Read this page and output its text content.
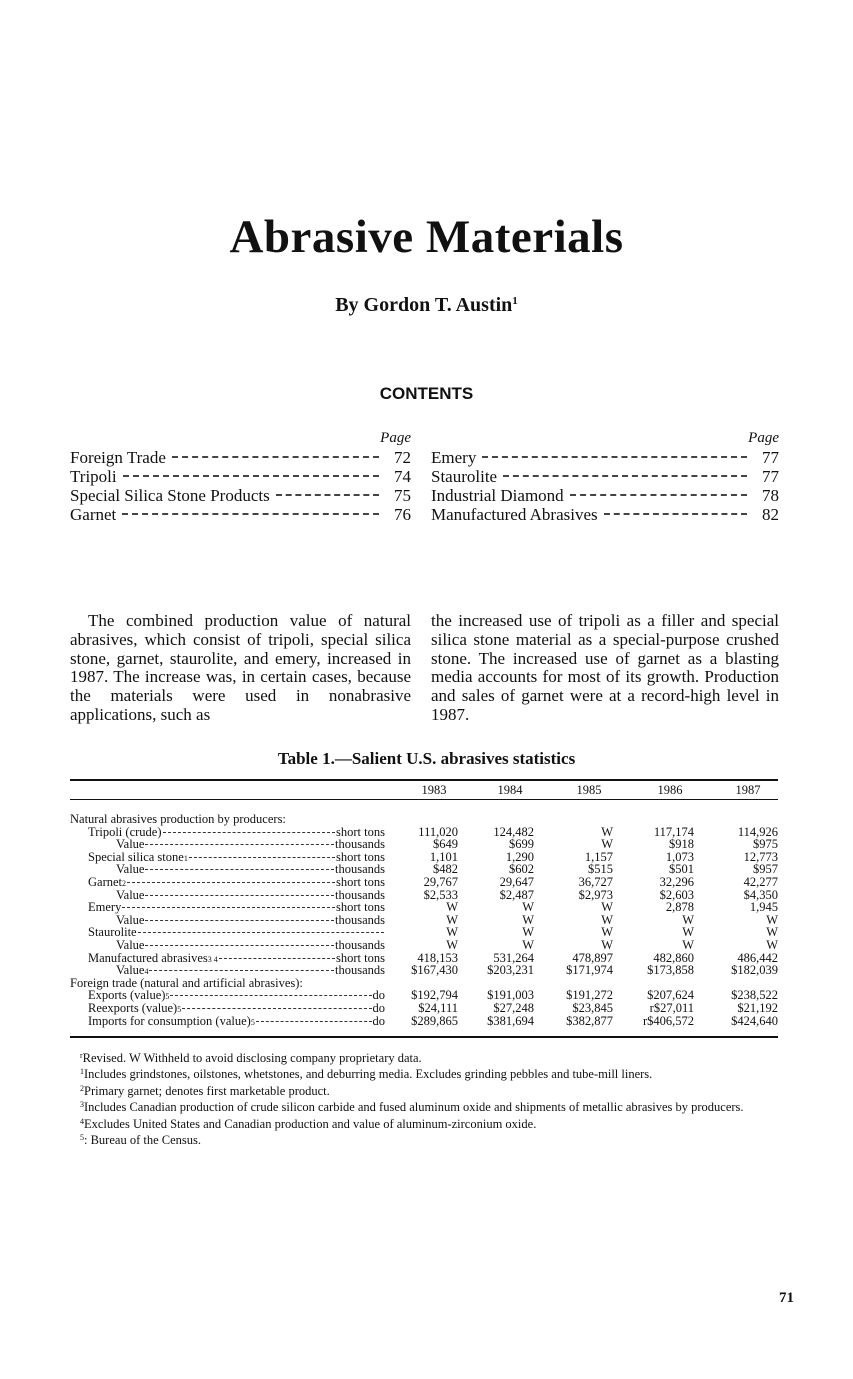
Abrasive Materials
By Gordon T. Austin$^1$
CONTENTS
Page
Foreign Trade	72
Tripoli	74
Special Silica Stone Products	75
Garnet	76
Page
Emery	77
Staurolite	77
Industrial Diamond	78
Manufactured Abrasives	82

The combined production value of natural abrasives, which consist of tripoli, special silica stone, garnet, staurolite, and emery, increased in 1987. The increase was, in certain cases, because the materials were used in nonabrasive applications, such as

the increased use of tripoli as a filler and special silica stone material as a special-purpose crushed stone. The increased use of garnet as a blasting media accounts for most of its growth. Production and sales of garnet were at a record-high level in 1987.

Table 1.—Salient U.S. abrasives statistics
1983	1984	1985	1986	1987
Natural abrasives production by producers:
Tripoli (crude)	short tons	111,020	124,482	W	117,174	114,926
Value	thousands	$649	$699	W	$918	$975
Special silica stone 1	short tons	1,101	1,290	1,157	1,073	12,773
Value	thousands	$482	$602	$515	$501	$957
Garnet 2	short tons	29,767	29,647	36,727	32,296	42,277
Value	thousands	$2,533	$2,487	$2,973	$2,603	$4,350
Emery	short tons	W	W	W	2,878	1,945
Value	thousands	W	W	W	W	W
Staurolite	W	W	W	W	W
Value	thousands	W	W	W	W	W
Manufactured abrasives 3 4	short tons	418,153	531,264	478,897	482,860	486,442
Value 4	thousands $167,430 $203,231	$171,974	$173,858	$182,039
Foreign trade (natural and artificial abrasives):
Exports (value) 5	do $192,794 $191,003	$191,272	$207,624	$238,522
Reexports (value) 5	do	$24,111	$27,248	$23,845	r$27,011	$21,192
Imports for consumption (value) 5	do $289,865 $381,694	$382,877 r$406,572	$424,640
$^r$Revised. W Withheld to avoid disclosing company proprietary data.
$^1$Includes grindstones, oilstones, whetstones, and deburring media. Excludes grinding pebbles and tube-mill liners.
$^2$Primary garnet; denotes first marketable product.
$^3$Includes Canadian production of crude silicon carbide and fused aluminum oxide and shipments of metallic abrasives by producers.
$^4$Excludes United States and Canadian production and value of aluminum-zirconium oxide.
$^5$: Bureau of the Census.
71
